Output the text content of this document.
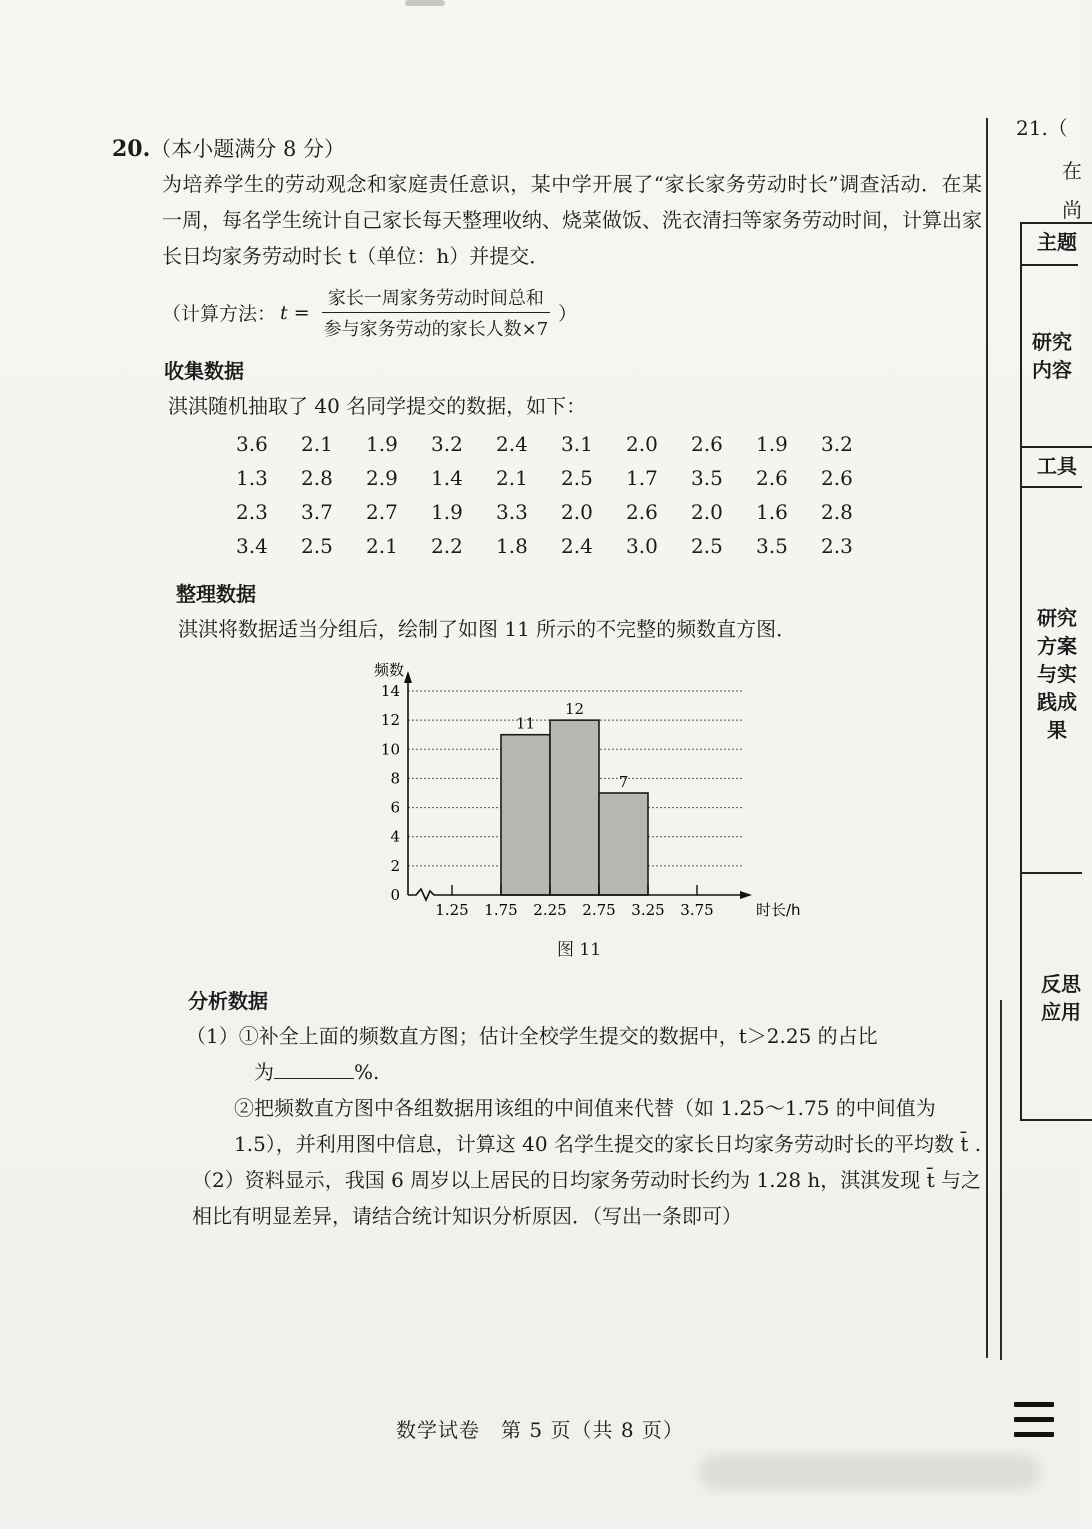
20.（本小题满分 8 分）
为培养学生的劳动观念和家庭责任意识，某中学开展了“家长家务劳动时长”调查活动．在某一周，每名学生统计自己家长每天整理收纳、烧菜做饭、洗衣清扫等家务劳动时间，计算出家长日均家务劳动时长 t（单位：h）并提交．
（计算方法： $t = \frac{\text{家长一周家务劳动时间总和}}{\text{参与家务劳动的家长人数×7}}$ ）
收集数据
淇淇随机抽取了 40 名同学提交的数据，如下：
3.6	2.1	1.9	3.2	2.4	3.1	2.0	2.6	1.9	3.2
1.3	2.8	2.9	1.4	2.1	2.5	1.7	3.5	2.6	2.6
2.3	3.7	2.7	1.9	3.3	2.0	2.6	2.0	1.6	2.8
3.4	2.5	2.1	2.2	1.8	2.4	3.0	2.5	3.5	2.3
整理数据
淇淇将数据适当分组后，绘制了如图 11 所示的不完整的频数直方图．
11
12
7
0
2
4
6
8
10
12
14
1.25 1.75 2.25 2.75 3.25 3.75
频数
时长/h
图 11
分析数据
（1）①补全上面的频数直方图；估计全校学生提交的数据中，t＞2.25 的占比
为	%.
②把频数直方图中各组数据用该组的中间值来代替（如 1.25～1.75 的中间值为 1.5），并利用图中信息，计算这 40 名学生提交的家长日均家务劳动时长的平均数 t̄ .
（2）资料显示，我国 6 周岁以上居民的日均家务劳动时长约为 1.28 h，淇淇发现 t̄ 与之相比有明显差异，请结合统计知识分析原因．（写出一条即可）
21.（
在
尚
主题
研究内容
工具
研究方案与实践成果
反思应用
数学试卷　第 5 页（共 8 页）
